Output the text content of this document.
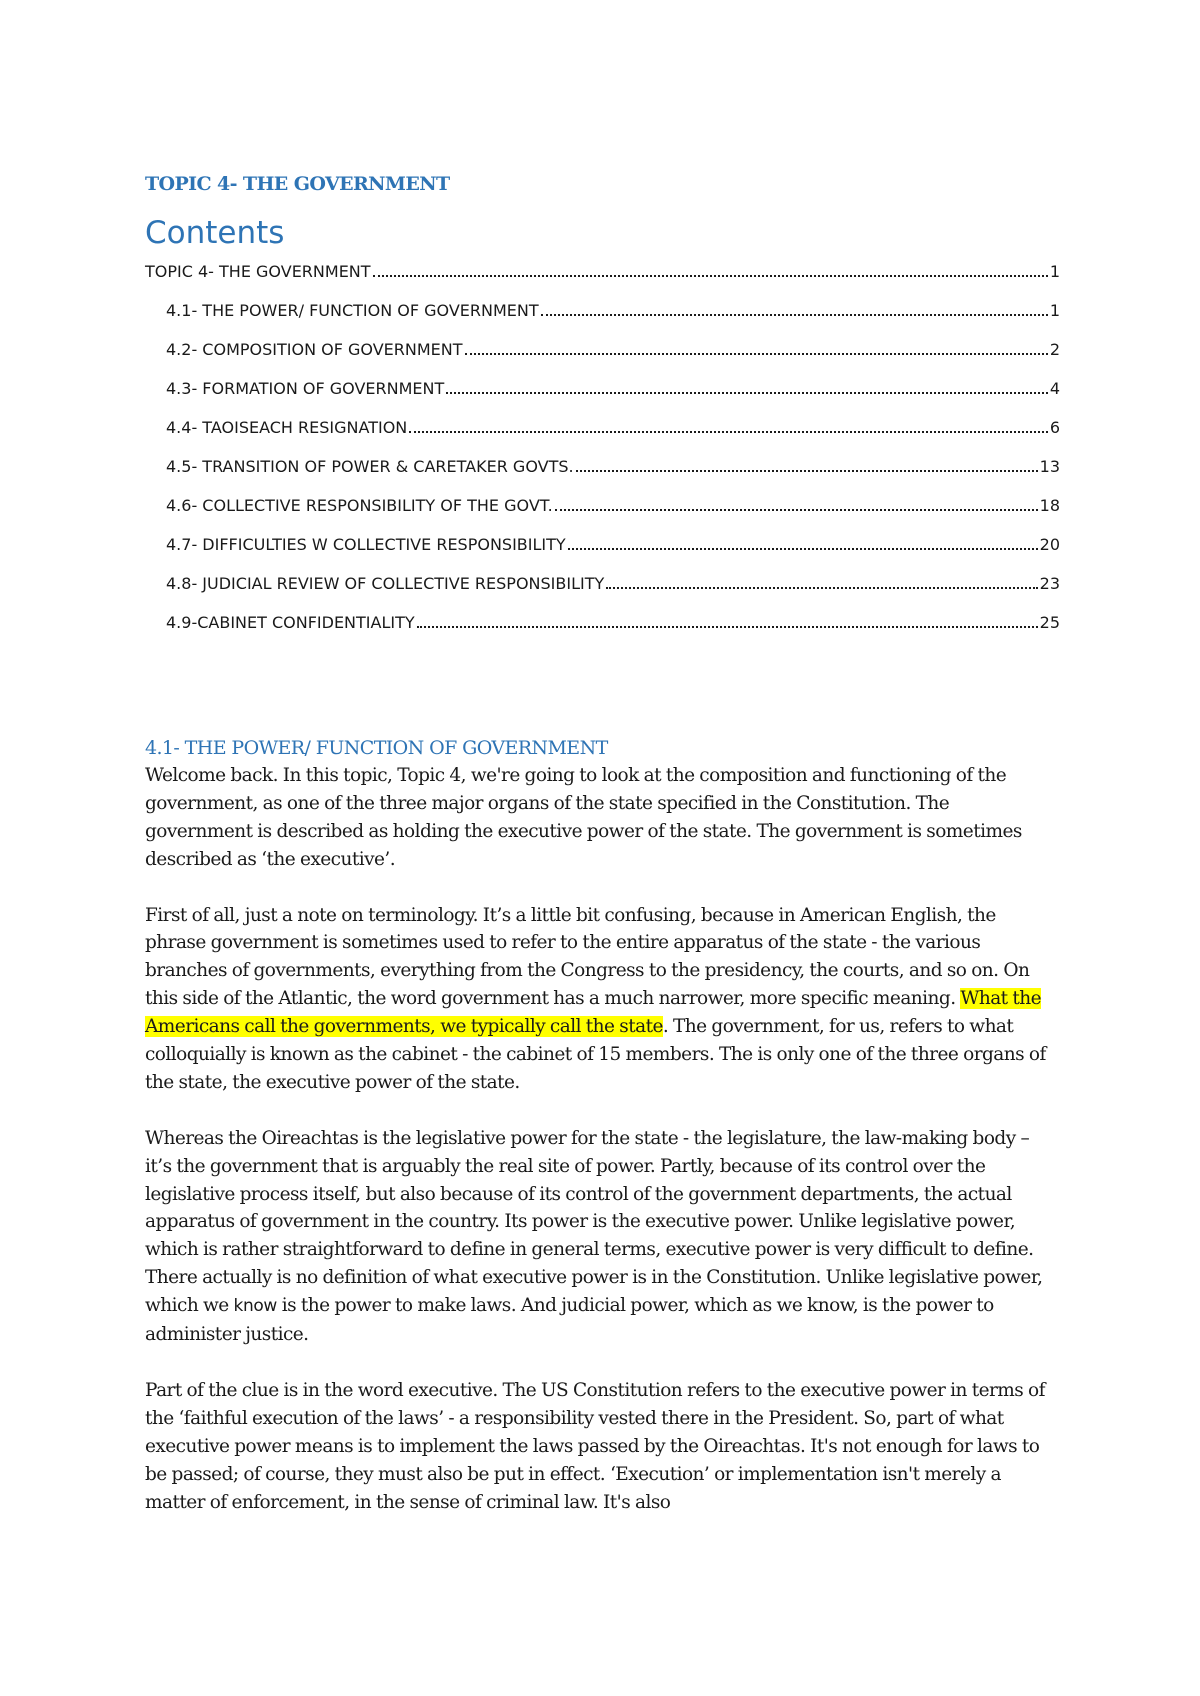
TOPIC 4- THE GOVERNMENT
Contents
TOPIC 4- THE GOVERNMENT	1
4.1- THE POWER/ FUNCTION OF GOVERNMENT	1
4.2- COMPOSITION OF GOVERNMENT	2
4.3- FORMATION OF GOVERNMENT	4
4.4- TAOISEACH RESIGNATION	6
4.5- TRANSITION OF POWER & CARETAKER GOVTS.	13
4.6- COLLECTIVE RESPONSIBILITY OF THE GOVT.	18
4.7- DIFFICULTIES W COLLECTIVE RESPONSIBILITY	20
4.8- JUDICIAL REVIEW OF COLLECTIVE RESPONSIBILITY	23
4.9-CABINET CONFIDENTIALITY	25
4.1- THE POWER/ FUNCTION OF GOVERNMENT

Welcome back. In this topic, Topic 4, we're going to look at the composition and functioning of the government, as one of the three major organs of the state specified in the Constitution. The government is described as holding the executive power of the state. The government is sometimes described as ‘the executive’.

First of all, just a note on terminology. It’s a little bit confusing, because in American English, the phrase government is sometimes used to refer to the entire apparatus of the state - the various branches of governments, everything from the Congress to the presidency, the courts, and so on. On this side of the Atlantic, the word government has a much narrower, more specific meaning. What the Americans call the governments, we typically call the state. The government, for us, refers to what colloquially is known as the cabinet - the cabinet of 15 members. The is only one of the three organs of the state, the executive power of the state.

Whereas the Oireachtas is the legislative power for the state - the legislature, the law-making body – it’s the government that is arguably the real site of power. Partly, because of its control over the legislative process itself, but also because of its control of the government departments, the actual apparatus of government in the country. Its power is the executive power. Unlike legislative power, which is rather straightforward to define in general terms, executive power is very difficult to define. There actually is no definition of what executive power is in the Constitution. Unlike legislative power, which we know is the power to make laws. And judicial power, which as we know, is the power to administer justice.

Part of the clue is in the word executive. The US Constitution refers to the executive power in terms of the ‘faithful execution of the laws’ - a responsibility vested there in the President. So, part of what executive power means is to implement the laws passed by the Oireachtas. It's not enough for laws to be passed; of course, they must also be put in effect. ‘Execution’ or implementation isn't merely a matter of enforcement, in the sense of criminal law. It's also
